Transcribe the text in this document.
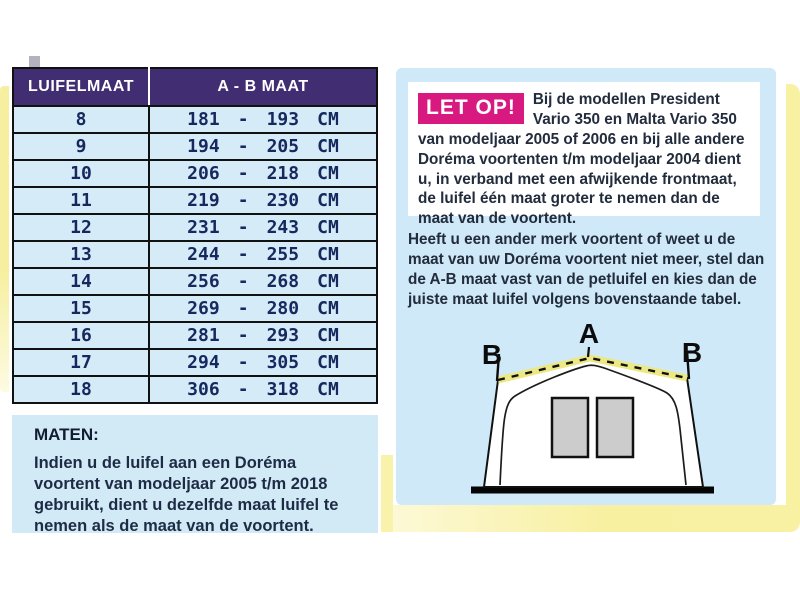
LUIFELMAAT	A - B MAAT
8	181 - 193 CM
9	194 - 205 CM
10	206 - 218 CM
11	219 - 230 CM
12	231 - 243 CM
13	244 - 255 CM
14	256 - 268 CM
15	269 - 280 CM
16	281 - 293 CM
17	294 - 305 CM
18	306 - 318 CM
MATEN:
Indien u de luifel aan een Doréma voortent van modeljaar 2005 t/m 2018 gebruikt, dient u dezelfde maat luifel te nemen als de maat van de voortent.
LET OP!	Bij de modellen President Vario 350 en Malta Vario 350 van modeljaar 2005 of 2006 en bij alle andere Doréma voortenten t/m modeljaar 2004 dient u, in verband met een afwijkende frontmaat, de luifel één maat groter te nemen dan de maat van de voortent.
Heeft u een ander merk voortent of weet u de maat van uw Doréma voortent niet meer, stel dan de A-B maat vast van de petluifel en kies dan de juiste maat luifel volgens bovenstaande tabel.
A
B	B
